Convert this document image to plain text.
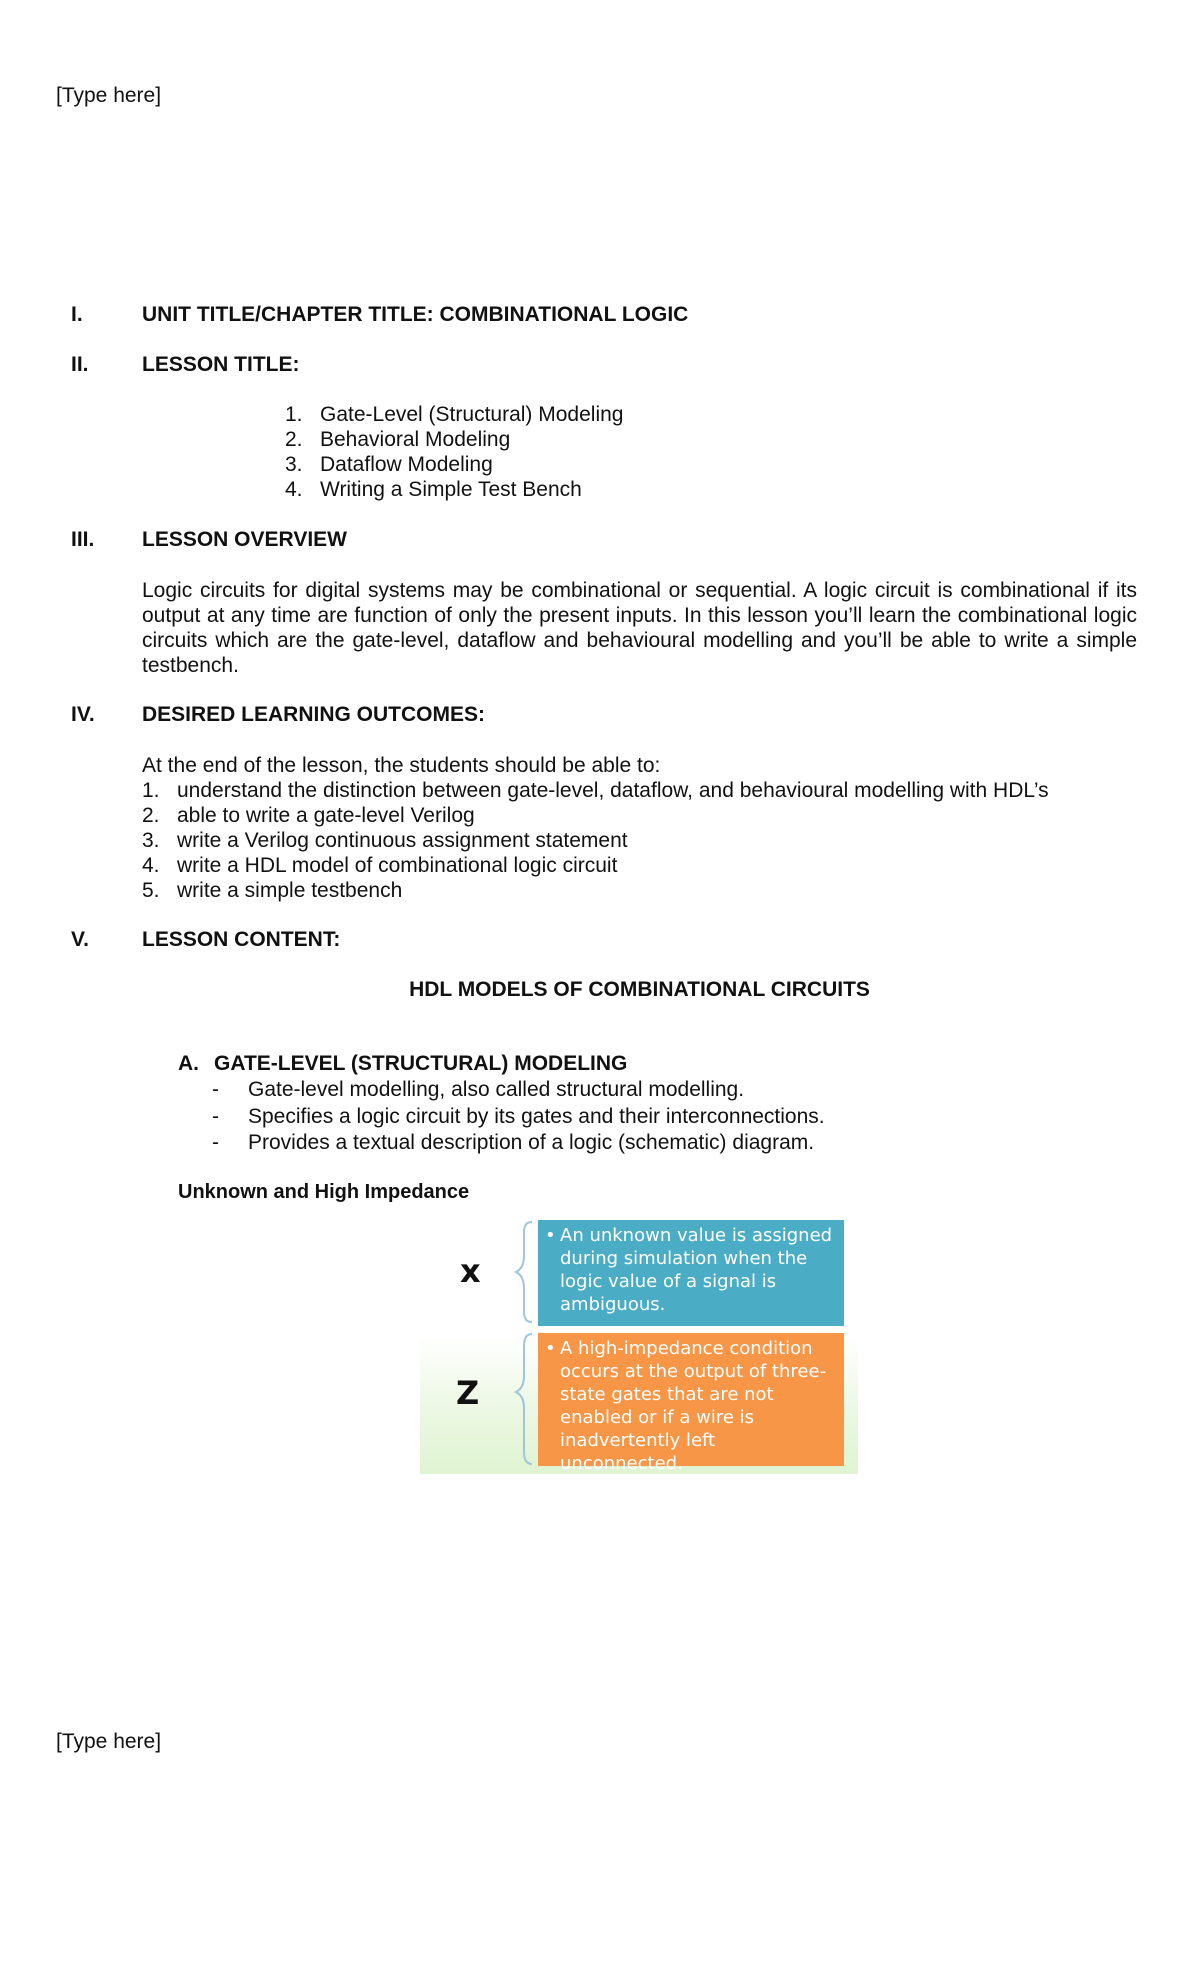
[Type here]
I.	UNIT TITLE/CHAPTER TITLE: COMBINATIONAL LOGIC
II.	LESSON TITLE:
1. Gate-Level (Structural) Modeling
2. Behavioral Modeling
3. Dataflow Modeling
4. Writing a Simple Test Bench
III. LESSON OVERVIEW
Logic circuits for digital systems may be combinational or sequential. A logic circuit is combinational if its output at any time are function of only the present inputs. In this lesson you’ll learn the combinational logic circuits which are the gate-level, dataflow and behavioural modelling and you’ll be able to write a simple testbench.
IV. DESIRED LEARNING OUTCOMES:
At the end of the lesson, the students should be able to:
1. understand the distinction between gate-level, dataflow, and behavioural modelling with HDL’s
2. able to write a gate-level Verilog
3. write a Verilog continuous assignment statement
4. write a HDL model of combinational logic circuit
5. write a simple testbench
V.	LESSON CONTENT:
HDL MODELS OF COMBINATIONAL CIRCUITS
A. GATE-LEVEL (STRUCTURAL) MODELING
- Gate-level modelling, also called structural modelling.
- Specifies a logic circuit by its gates and their interconnections.
- Provides a textual description of a logic (schematic) diagram.
Unknown and High Impedance
x
Z
• An unknown value is assigned during simulation when the logic value of a signal is ambiguous.
• A high-impedance condition occurs at the output of three-state gates that are not enabled or if a wire is inadvertently left unconnected.
[Type here]
